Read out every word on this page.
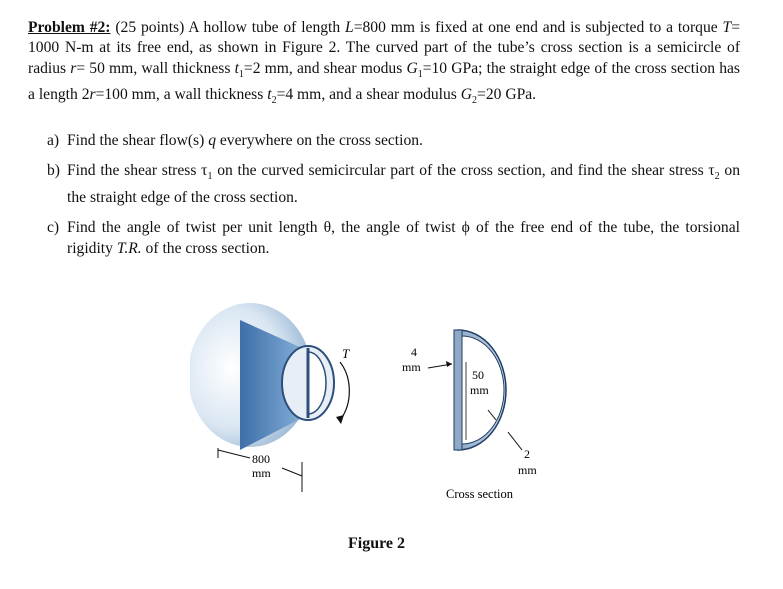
Problem #2: (25 points) A hollow tube of length L=800 mm is fixed at one end and is subjected to a torque T= 1000 N-m at its free end, as shown in Figure 2. The curved part of the tube’s cross section is a semicircle of radius r= 50 mm, wall thickness $t_1=2$ mm, and shear modus $G_1=10$ GPa; the straight edge of the cross section has a length 2r=100 mm, a wall thickness $t_2=4$ mm, and a shear modulus $G_2=20$ GPa.
a) Find the shear flow(s) q everywhere on the cross section.
b) Find the shear stress $\tau_1$ on the curved semicircular part of the cross section, and find the shear stress $\tau_2$ on the straight edge of the cross section.
c) Find the angle of twist per unit length θ, the angle of twist ϕ of the free end of the tube, the torsional rigidity T.R. of the cross section.
T
800
mm
4
mm
50
mm
2
mm
Cross section
Figure 2
